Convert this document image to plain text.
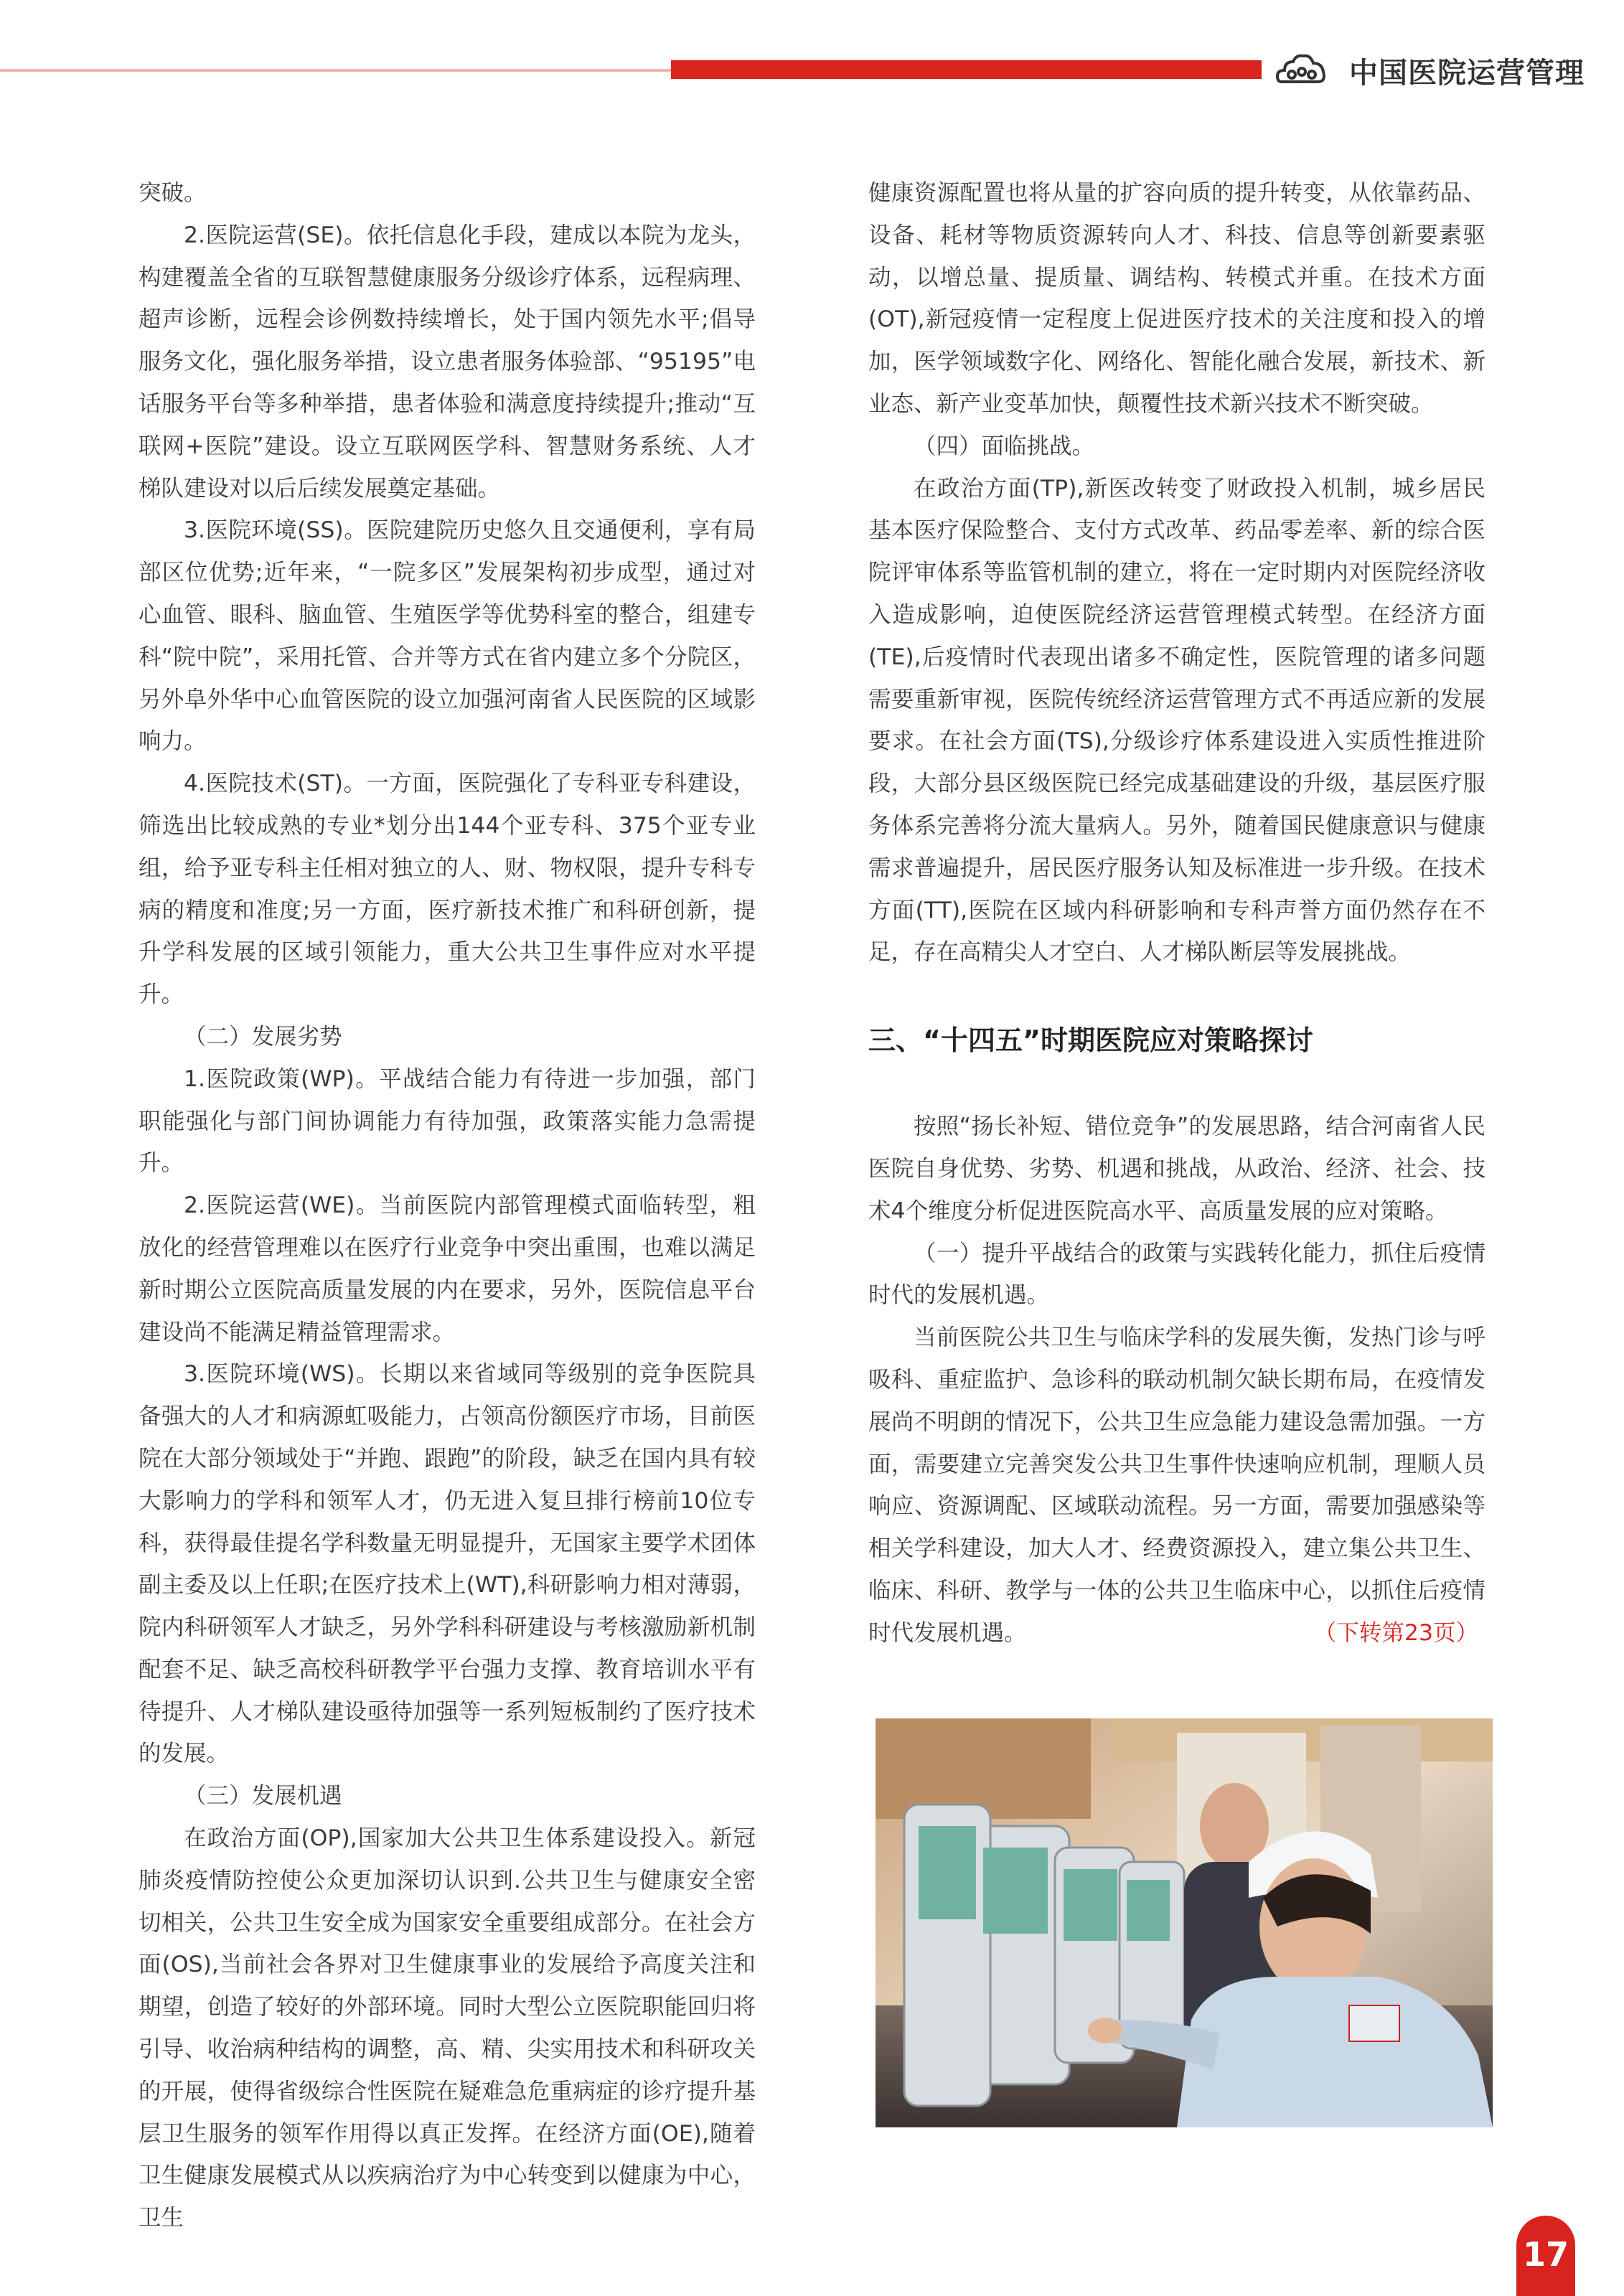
中国医院运营管理

突破。

2.医院运营(SE)。依托信息化手段，建成以本院为龙头，构建覆盖全省的互联智慧健康服务分级诊疗体系，远程病理、超声诊断，远程会诊例数持续增长，处于国内领先水平;倡导服务文化，强化服务举措，设立患者服务体验部、“95195”电话服务平台等多种举措，患者体验和满意度持续提升;推动“互联网+医院”建设。设立互联网医学科、智慧财务系统、人才梯队建设对以后后续发展奠定基础。

3.医院环境(SS)。医院建院历史悠久且交通便利，享有局部区位优势;近年来，“一院多区”发展架构初步成型，通过对心血管、眼科、脑血管、生殖医学等优势科室的整合，组建专科“院中院”，采用托管、合并等方式在省内建立多个分院区，另外阜外华中心血管医院的设立加强河南省人民医院的区域影响力。

4.医院技术(ST)。一方面，医院强化了专科亚专科建设，筛选出比较成熟的专业*划分出144个亚专科、375个亚专业组，给予亚专科主任相对独立的人、财、物权限，提升专科专病的精度和准度;另一方面，医疗新技术推广和科研创新，提升学科发展的区域引领能力，重大公共卫生事件应对水平提升。

（二）发展劣势

1.医院政策(WP)。平战结合能力有待进一步加强，部门职能强化与部门间协调能力有待加强，政策落实能力急需提升。

2.医院运营(WE)。当前医院内部管理模式面临转型，粗放化的经营管理难以在医疗行业竞争中突出重围，也难以满足新时期公立医院高质量发展的内在要求，另外，医院信息平台建设尚不能满足精益管理需求。

3.医院环境(WS)。长期以来省域同等级别的竞争医院具备强大的人才和病源虹吸能力，占领高份额医疗市场，目前医院在大部分领域处于“并跑、跟跑”的阶段，缺乏在国内具有较大影响力的学科和领军人才，仍无进入复旦排行榜前10位专科，获得最佳提名学科数量无明显提升，无国家主要学术团体副主委及以上任职;在医疗技术上(WT),科研影响力相对薄弱，院内科研领军人才缺乏，另外学科科研建设与考核激励新机制配套不足、缺乏高校科研教学平台强力支撑、教育培训水平有待提升、人才梯队建设亟待加强等一系列短板制约了医疗技术的发展。

（三）发展机遇

在政治方面(OP),国家加大公共卫生体系建设投入。新冠肺炎疫情防控使公众更加深切认识到.公共卫生与健康安全密切相关，公共卫生安全成为国家安全重要组成部分。在社会方面(OS),当前社会各界对卫生健康事业的发展给予高度关注和期望，创造了较好的外部环境。同时大型公立医院职能回归将引导、收治病种结构的调整，高、精、尖实用技术和科研攻关的开展，使得省级综合性医院在疑难急危重病症的诊疗提升基层卫生服务的领军作用得以真正发挥。在经济方面(OE),随着卫生健康发展模式从以疾病治疗为中心转变到以健康为中心，卫生

健康资源配置也将从量的扩容向质的提升转变，从依靠药品、设备、耗材等物质资源转向人才、科技、信息等创新要素驱动，以增总量、提质量、调结构、转模式并重。在技术方面(OT),新冠疫情一定程度上促进医疗技术的关注度和投入的增加，医学领域数字化、网络化、智能化融合发展，新技术、新业态、新产业变革加快，颠覆性技术新兴技术不断突破。

（四）面临挑战。

在政治方面(TP),新医改转变了财政投入机制，城乡居民基本医疗保险整合、支付方式改革、药品零差率、新的综合医院评审体系等监管机制的建立，将在一定时期内对医院经济收入造成影响，迫使医院经济运营管理模式转型。在经济方面(TE),后疫情时代表现出诸多不确定性，医院管理的诸多问题需要重新审视，医院传统经济运营管理方式不再适应新的发展要求。在社会方面(TS),分级诊疗体系建设进入实质性推进阶段，大部分县区级医院已经完成基础建设的升级，基层医疗服务体系完善将分流大量病人。另外，随着国民健康意识与健康需求普遍提升，居民医疗服务认知及标准进一步升级。在技术方面(TT),医院在区域内科研影响和专科声誉方面仍然存在不足，存在高精尖人才空白、人才梯队断层等发展挑战。

三、“十四五”时期医院应对策略探讨

按照“扬长补短、错位竞争”的发展思路，结合河南省人民医院自身优势、劣势、机遇和挑战，从政治、经济、社会、技术4个维度分析促进医院高水平、高质量发展的应对策略。

（一）提升平战结合的政策与实践转化能力，抓住后疫情时代的发展机遇。

当前医院公共卫生与临床学科的发展失衡，发热门诊与呼吸科、重症监护、急诊科的联动机制欠缺长期布局，在疫情发展尚不明朗的情况下，公共卫生应急能力建设急需加强。一方面，需要建立完善突发公共卫生事件快速响应机制，理顺人员响应、资源调配、区域联动流程。另一方面，需要加强感染等相关学科建设，加大人才、经费资源投入，建立集公共卫生、临床、科研、教学与一体的公共卫生临床中心，以抓住后疫情时代发展机遇。	（下转第23页）

17
